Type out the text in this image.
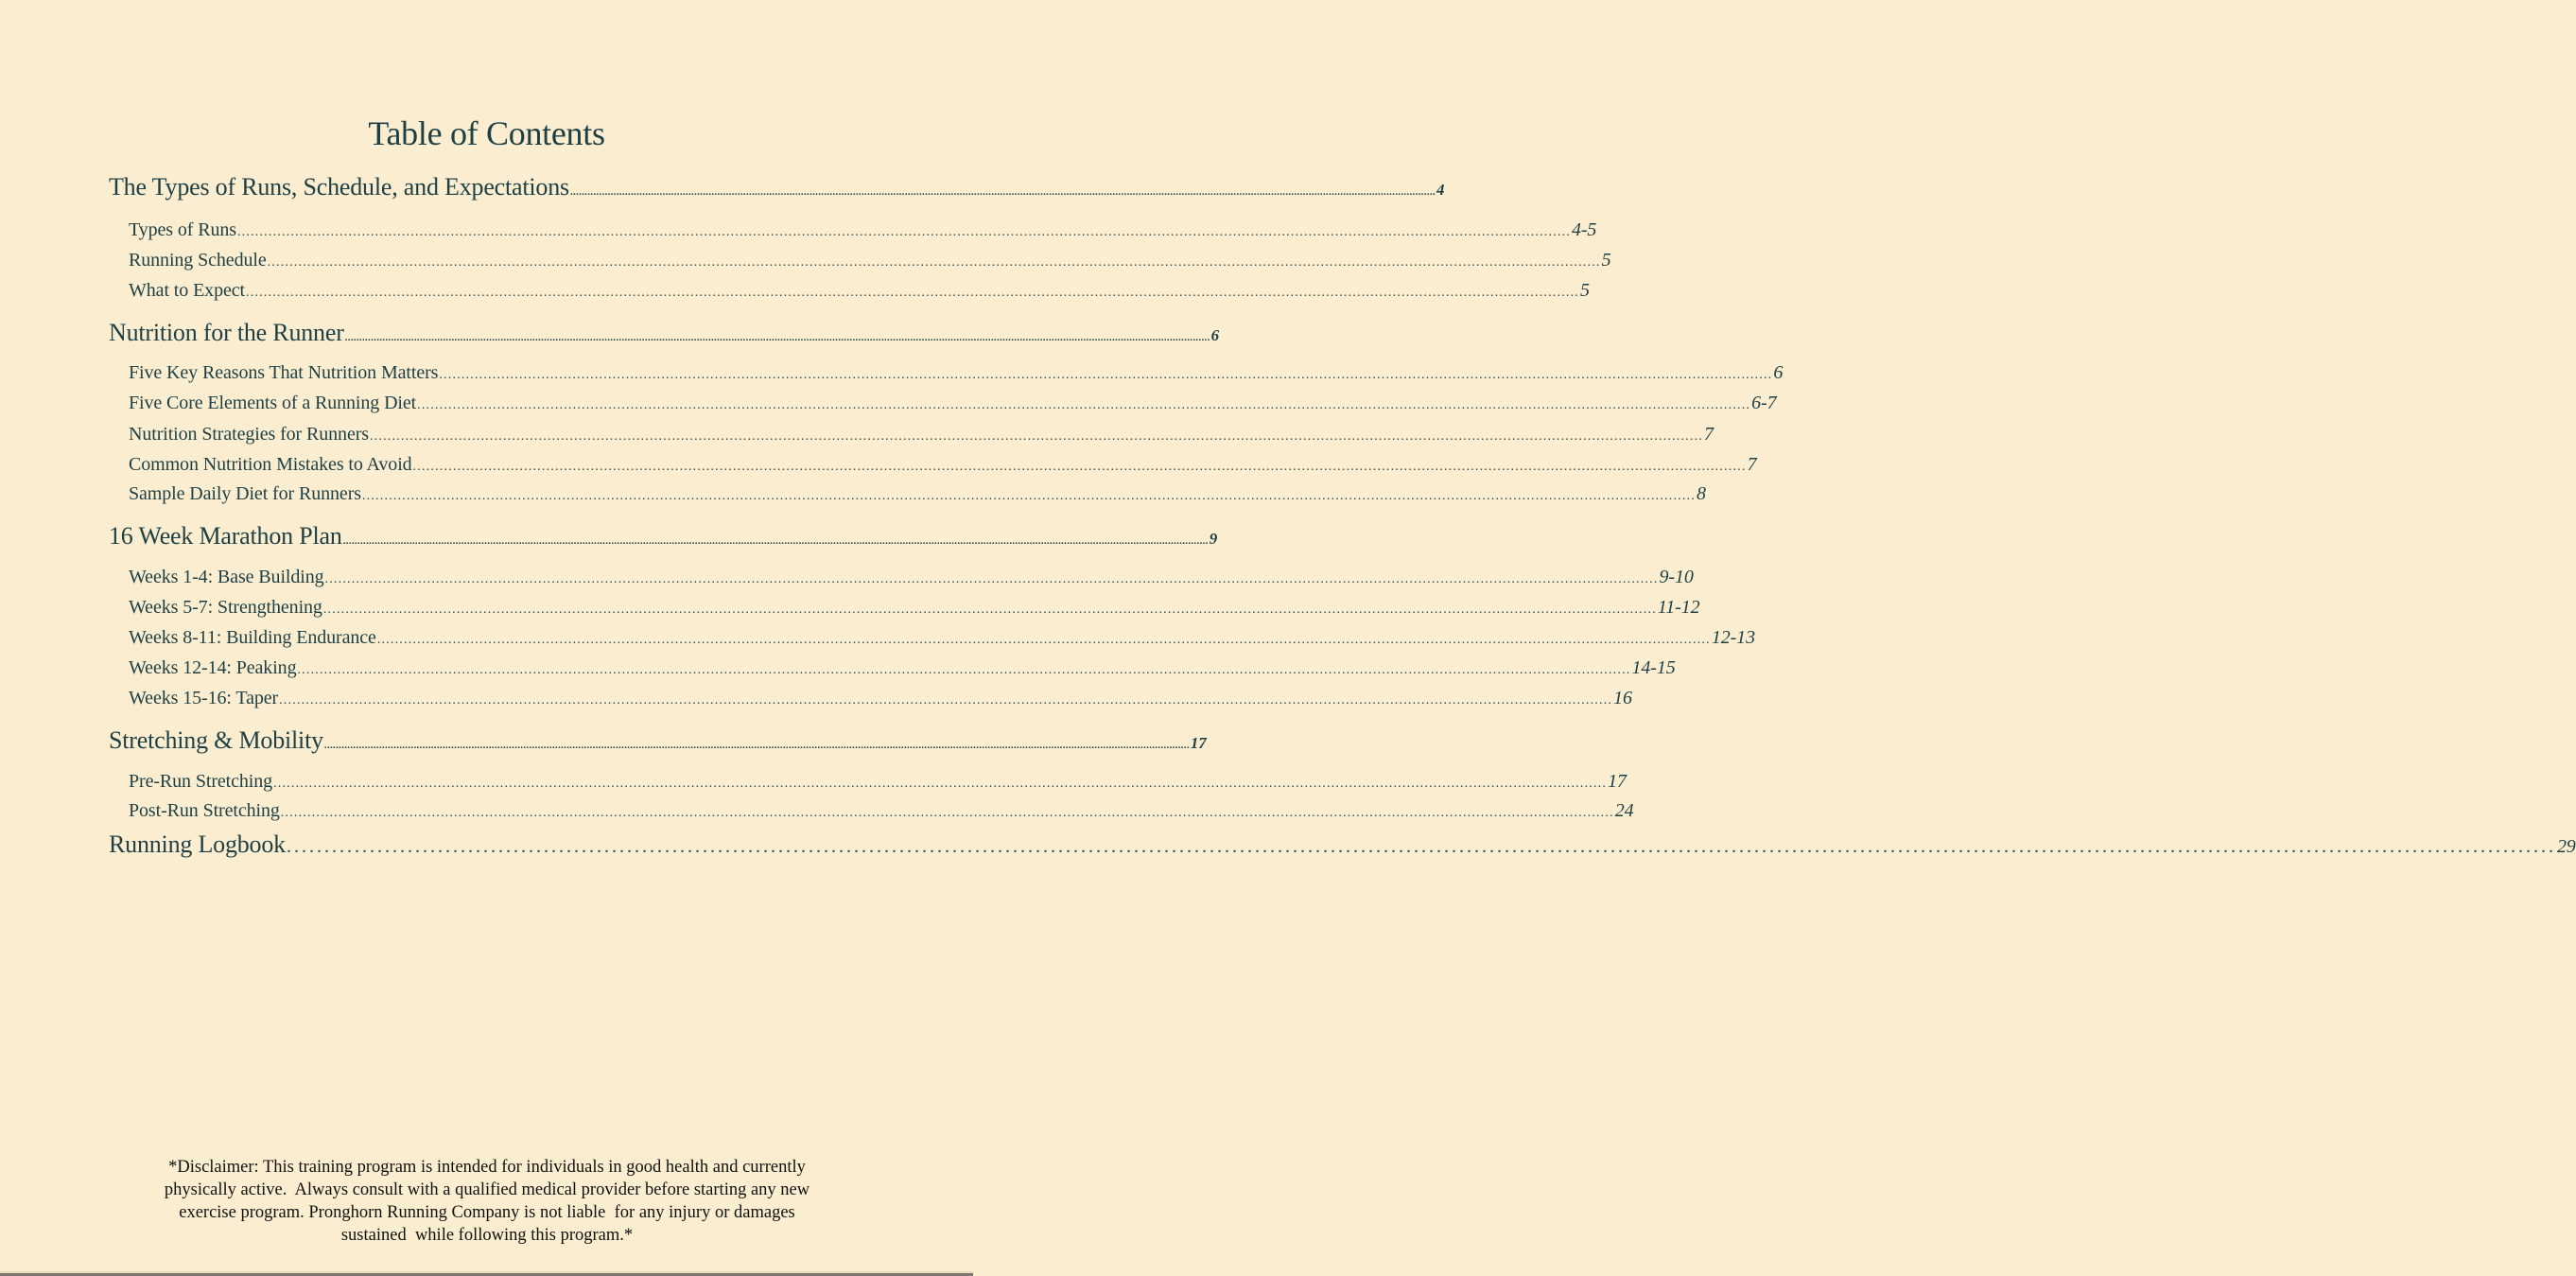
Table of Contents
The Types of Runs, Schedule, and Expectations ............................................................................................................................................................................................................................................................................................................ 4
Types of Runs ............................................................................................................................................................................................................................................................................................................ 4-5
Running Schedule ............................................................................................................................................................................................................................................................................................................ 5
What to Expect ............................................................................................................................................................................................................................................................................................................ 5
Nutrition for the Runner ............................................................................................................................................................................................................................................................................................................ 6
Five Key Reasons That Nutrition Matters ............................................................................................................................................................................................................................................................................................................ 6
Five Core Elements of a Running Diet ............................................................................................................................................................................................................................................................................................................ 6-7
Nutrition Strategies for Runners ............................................................................................................................................................................................................................................................................................................ 7
Common Nutrition Mistakes to Avoid ............................................................................................................................................................................................................................................................................................................ 7
Sample Daily Diet for Runners ............................................................................................................................................................................................................................................................................................................ 8
16 Week Marathon Plan ............................................................................................................................................................................................................................................................................................................ 9
Weeks 1-4: Base Building ............................................................................................................................................................................................................................................................................................................ 9-10
Weeks 5-7: Strengthening ............................................................................................................................................................................................................................................................................................................ 11-12
Weeks 8-11: Building Endurance ............................................................................................................................................................................................................................................................................................................ 12-13
Weeks 12-14: Peaking ............................................................................................................................................................................................................................................................................................................ 14-15
Weeks 15-16: Taper ............................................................................................................................................................................................................................................................................................................ 16
Stretching & Mobility ............................................................................................................................................................................................................................................................................................................ 17
Pre-Run Stretching ............................................................................................................................................................................................................................................................................................................ 17
Post-Run Stretching ............................................................................................................................................................................................................................................................................................................ 24
Running Logbook ............................................................................................................................................................................................................................................................................................................ 29
*Disclaimer: This training program is intended for individuals in good health and currently
physically active.  Always consult with a qualified medical provider before starting any new
exercise program. Pronghorn Running Company is not liable  for any injury or damages
sustained  while following this program.*
